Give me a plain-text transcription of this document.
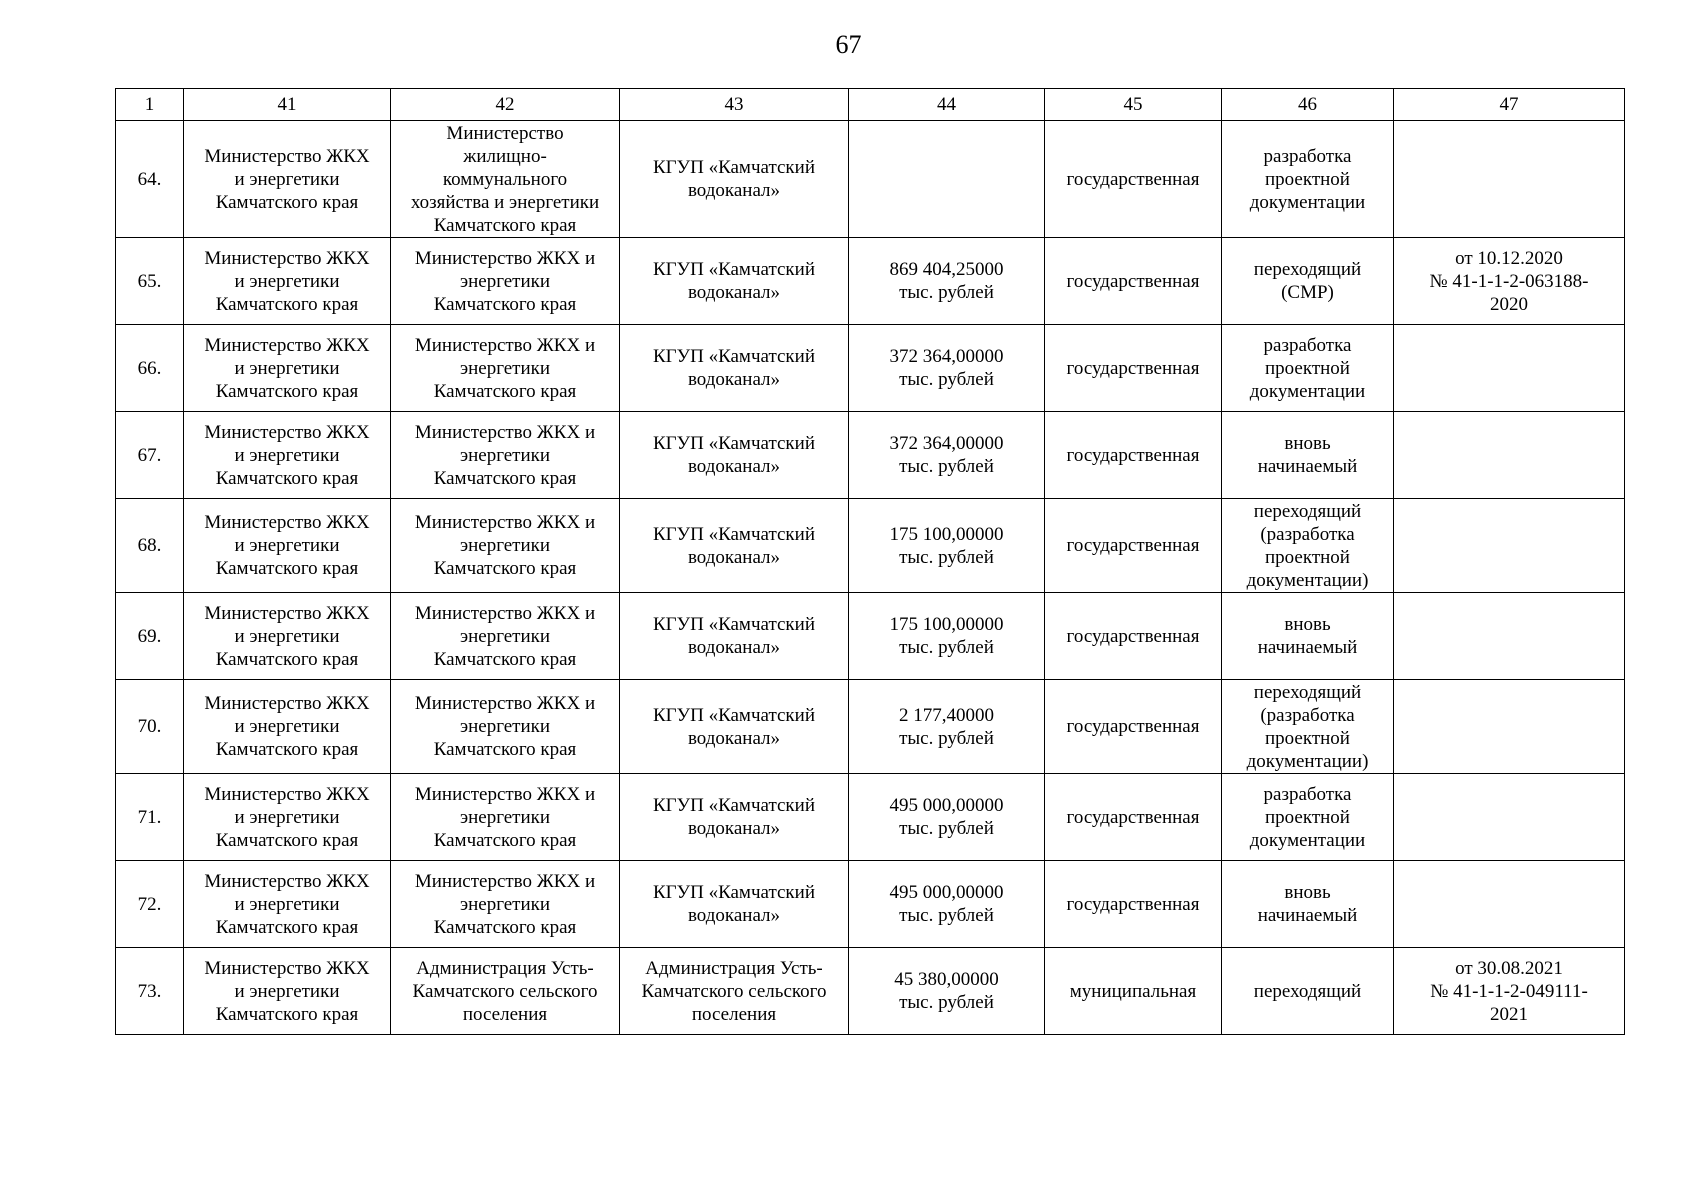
67
1	41	42	43	44	45	46	47
64.	Министерство ЖКХ
и энергетики
Камчатского края	Министерство
жилищно-
коммунального
хозяйства и энергетики
Камчатского края	КГУП «Камчатский
водоканал»		государственная	разработка
проектной
документации	
65.	Министерство ЖКХ
и энергетики
Камчатского края	Министерство ЖКХ и
энергетики
Камчатского края	КГУП «Камчатский
водоканал»	869 404,25000
тыс. рублей	государственная	переходящий
(СМР)	от 10.12.2020
№ 41-1-1-2-063188-
2020
66.	Министерство ЖКХ
и энергетики
Камчатского края	Министерство ЖКХ и
энергетики
Камчатского края	КГУП «Камчатский
водоканал»	372 364,00000
тыс. рублей	государственная	разработка
проектной
документации	
67.	Министерство ЖКХ
и энергетики
Камчатского края	Министерство ЖКХ и
энергетики
Камчатского края	КГУП «Камчатский
водоканал»	372 364,00000
тыс. рублей	государственная	вновь
начинаемый	
68.	Министерство ЖКХ
и энергетики
Камчатского края	Министерство ЖКХ и
энергетики
Камчатского края	КГУП «Камчатский
водоканал»	175 100,00000
тыс. рублей	государственная	переходящий
(разработка
проектной
документации)	
69.	Министерство ЖКХ
и энергетики
Камчатского края	Министерство ЖКХ и
энергетики
Камчатского края	КГУП «Камчатский
водоканал»	175 100,00000
тыс. рублей	государственная	вновь
начинаемый	
70.	Министерство ЖКХ
и энергетики
Камчатского края	Министерство ЖКХ и
энергетики
Камчатского края	КГУП «Камчатский
водоканал»	2 177,40000
тыс. рублей	государственная	переходящий
(разработка
проектной
документации)	
71.	Министерство ЖКХ
и энергетики
Камчатского края	Министерство ЖКХ и
энергетики
Камчатского края	КГУП «Камчатский
водоканал»	495 000,00000
тыс. рублей	государственная	разработка
проектной
документации	
72.	Министерство ЖКХ
и энергетики
Камчатского края	Министерство ЖКХ и
энергетики
Камчатского края	КГУП «Камчатский
водоканал»	495 000,00000
тыс. рублей	государственная	вновь
начинаемый	
73.	Министерство ЖКХ
и энергетики
Камчатского края	Администрация Усть-
Камчатского сельского
поселения	Администрация Усть-
Камчатского сельского
поселения	45 380,00000
тыс. рублей	муниципальная	переходящий	от 30.08.2021
№ 41-1-1-2-049111-
2021
